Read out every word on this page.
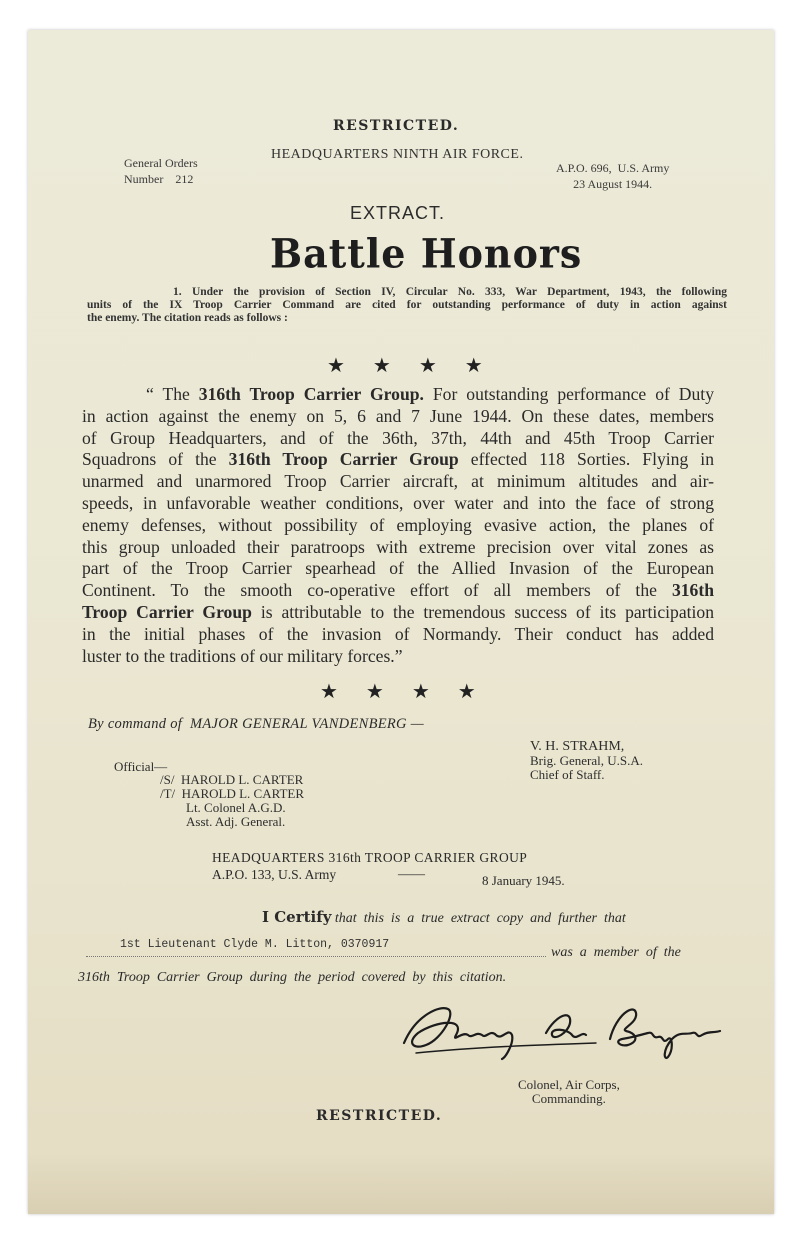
RESTRICTED.
HEADQUARTERS NINTH AIR FORCE.
General Orders
Number    212
A.P.O. 696,  U.S. Army
23 August 1944.
EXTRACT.
Battle Honors
1. Under the provision of Section IV, Circular No. 333, War Department, 1943, the following
units of the IX Troop Carrier Command are cited for outstanding performance of duty in action against
the enemy. The citation reads as follows :
★★★★
“ The 316th Troop Carrier Group. For outstanding performance of Duty
in action against the enemy on 5, 6 and 7 June 1944. On these dates, members
of Group Headquarters, and of the 36th, 37th, 44th and 45th Troop Carrier
Squadrons of the 316th Troop Carrier Group effected 118 Sorties. Flying in
unarmed and unarmored Troop Carrier aircraft, at minimum altitudes and air-
speeds, in unfavorable weather conditions, over water and into the face of strong
enemy defenses, without possibility of employing evasive action, the planes of
this group unloaded their paratroops with extreme precision over vital zones as
part of the Troop Carrier spearhead of the Allied Invasion of the European
Continent. To the smooth co-operative effort of all members of the 316th
Troop Carrier Group is attributable to the tremendous success of its participation
in the initial phases of the invasion of Normandy. Their conduct has added
luster to the traditions of our military forces.”
★★★★
By command of  MAJOR GENERAL VANDENBERG —
V. H. STRAHM,
Brig. General, U.S.A.
Chief of Staff.
Official—
/S/  HAROLD L. CARTER
/T/  HAROLD L. CARTER
Lt. Colonel A.G.D.
Asst. Adj. General.
HEADQUARTERS 316th TROOP CARRIER GROUP
A.P.O. 133, U.S. Army	——	8 January 1945.
I Certify that  this  is  a  true  extract  copy  and  further  that
1st Lieutenant Clyde M. Litton, 0370917
was  a  member  of  the
316th  Troop  Carrier  Group  during  the  period  covered  by  this  citation.
Colonel, Air Corps,
Commanding.
RESTRICTED.
